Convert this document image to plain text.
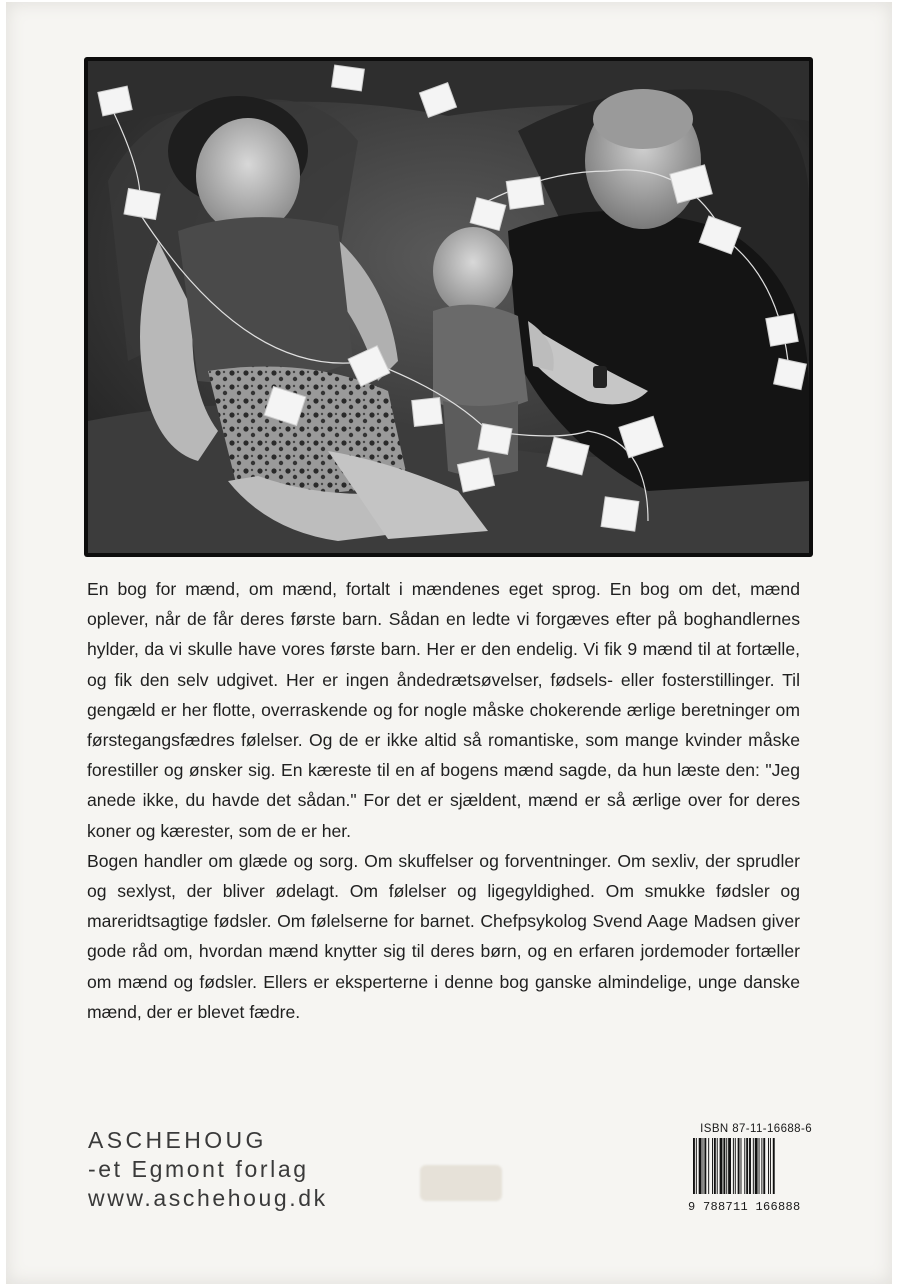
En bog for mænd, om mænd, fortalt i mændenes eget sprog. En bog om det, mænd oplever, når de får deres første barn. Sådan en ledte vi forgæves efter på boghandlernes hylder, da vi skulle have vores første barn. Her er den endelig. Vi fik 9 mænd til at fortælle, og fik den selv udgivet. Her er ingen åndedrætsøvelser, fødsels- eller fosterstillinger. Til gengæld er her flotte, overraskende og for nogle måske chokerende ærlige beretninger om førstegangsfædres følelser. Og de er ikke altid så romantiske, som mange kvinder måske forestiller og ønsker sig. En kæreste til en af bogens mænd sagde, da hun læste den: "Jeg anede ikke, du havde det sådan." For det er sjældent, mænd er så ærlige over for deres koner og kærester, som de er her.

Bogen handler om glæde og sorg. Om skuffelser og forventninger. Om sexliv, der sprudler og sexlyst, der bliver ødelagt. Om følelser og ligegyldighed. Om smukke fødsler og mareridtsagtige fødsler. Om følelserne for barnet. Chefpsykolog Svend Aage Madsen giver gode råd om, hvordan mænd knytter sig til deres børn, og en erfaren jordemoder fortæller om mænd og fødsler. Ellers er eksperterne i denne bog ganske almindelige, unge danske mænd, der er blevet fædre.

ASCHEHOUG
-et Egmont forlag
www.aschehoug.dk
ISBN 87-11-16688-6
9 788711 166888
